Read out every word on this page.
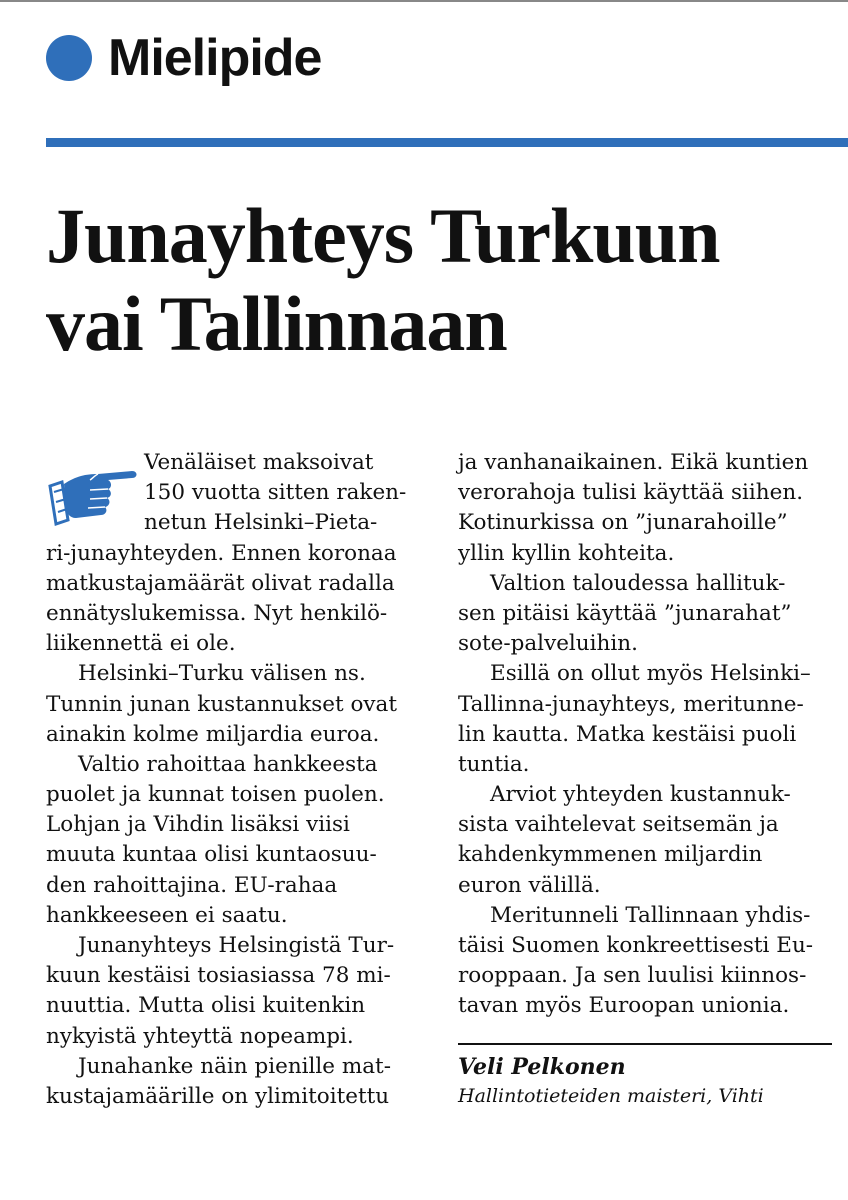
Mielipide
Junayhteys Turkuun
vai Tallinnaan
Venäläiset maksoivat
150 vuotta sitten raken-
netun Helsinki–Pieta-
ri-junayhteyden. Ennen koronaa
matkustajamäärät olivat radalla
ennätyslukemissa. Nyt henkilö-
liikennettä ei ole.
Helsinki–Turku välisen ns.
Tunnin junan kustannukset ovat
ainakin kolme miljardia euroa.
Valtio rahoittaa hankkeesta
puolet ja kunnat toisen puolen.
Lohjan ja Vihdin lisäksi viisi
muuta kuntaa olisi kuntaosuu-
den rahoittajina. EU-rahaa
hankkeeseen ei saatu.
Junanyhteys Helsingistä Tur-
kuun kestäisi tosiasiassa 78 mi-
nuuttia. Mutta olisi kuitenkin
nykyistä yhteyttä nopeampi.
Junahanke näin pienille mat-
kustajamäärille on ylimitoitettu
ja vanhanaikainen. Eikä kuntien
verorahoja tulisi käyttää siihen.
Kotinurkissa on ”junarahoille”
yllin kyllin kohteita.
Valtion taloudessa hallituk-
sen pitäisi käyttää ”junarahat”
sote-palveluihin.
Esillä on ollut myös Helsinki–
Tallinna-junayhteys, meritunne-
lin kautta. Matka kestäisi puoli
tuntia.
Arviot yhteyden kustannuk-
sista vaihtelevat seitsemän ja
kahdenkymmenen miljardin
euron välillä.
Meritunneli Tallinnaan yhdis-
täisi Suomen konkreettisesti Eu-
rooppaan. Ja sen luulisi kiinnos-
tavan myös Euroopan unionia.
Veli Pelkonen
Hallintotieteiden maisteri, Vihti
